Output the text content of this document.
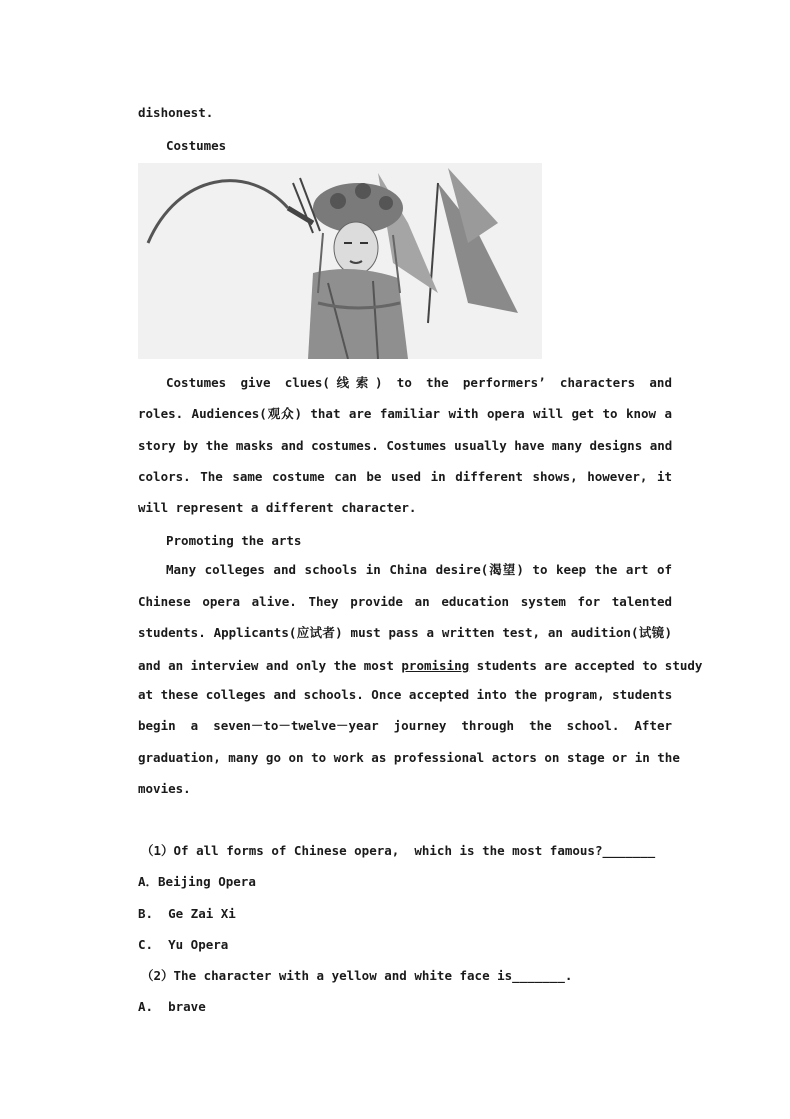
dishonest.
Costumes
Costumes give clues(线索) to the performers’ characters and
roles. Audiences(观众) that are familiar with opera will get to know a
story by the masks and costumes. Costumes usually have many designs and
colors. The same costume can be used in different shows, however, it
will represent a different character.
Promoting the arts
Many colleges and schools in China desire(渴望) to keep the art of
Chinese opera alive. They provide an education system for talented
students. Applicants(应试者) must pass a written test, an audition(试镜)
and an interview and only the most promising students are accepted to study
at these colleges and schools. Once accepted into the program, students
begin a seven－to－twelve－year journey through the school. After
graduation, many go on to work as professional actors on stage or in the
movies.
（1）Of all forms of Chinese opera,  which is the most famous?_______
A．Beijing Opera
B.  Ge Zai Xi
C.  Yu Opera
（2）The character with a yellow and white face is_______.
A.  brave
